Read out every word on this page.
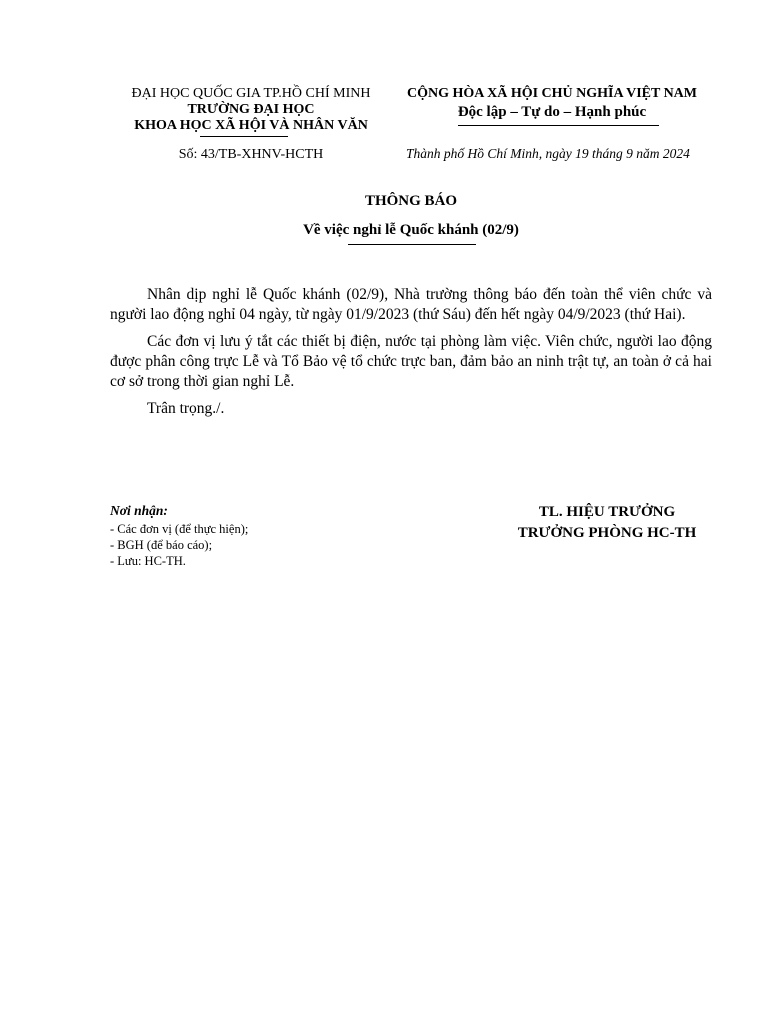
ĐẠI HỌC QUỐC GIA TP.HỒ CHÍ MINH
TRƯỜNG ĐẠI HỌC
KHOA HỌC XÃ HỘI VÀ NHÂN VĂN
Số: 43/TB-XHNV-HCTH
CỘNG HÒA XÃ HỘI CHỦ NGHĨA VIỆT NAM
Độc lập – Tự do – Hạnh phúc
Thành phố Hồ Chí Minh, ngày 19 tháng 9 năm 2024
THÔNG BÁO
Về việc nghỉ lễ Quốc khánh (02/9)

Nhân dịp nghỉ lễ Quốc khánh (02/9), Nhà trường thông báo đến toàn thể viên chức và người lao động nghỉ 04 ngày, từ ngày 01/9/2023 (thứ Sáu) đến hết ngày 04/9/2023 (thứ Hai).

Các đơn vị lưu ý tắt các thiết bị điện, nước tại phòng làm việc. Viên chức, người lao động được phân công trực Lễ và Tổ Bảo vệ tổ chức trực ban, đảm bảo an ninh trật tự, an toàn ở cả hai cơ sở trong thời gian nghỉ Lễ.

Trân trọng./.

Nơi nhận:
- Các đơn vị (để thực hiện);
- BGH (để báo cáo);
- Lưu: HC-TH.
TL. HIỆU TRƯỞNG
TRƯỞNG PHÒNG HC-TH
